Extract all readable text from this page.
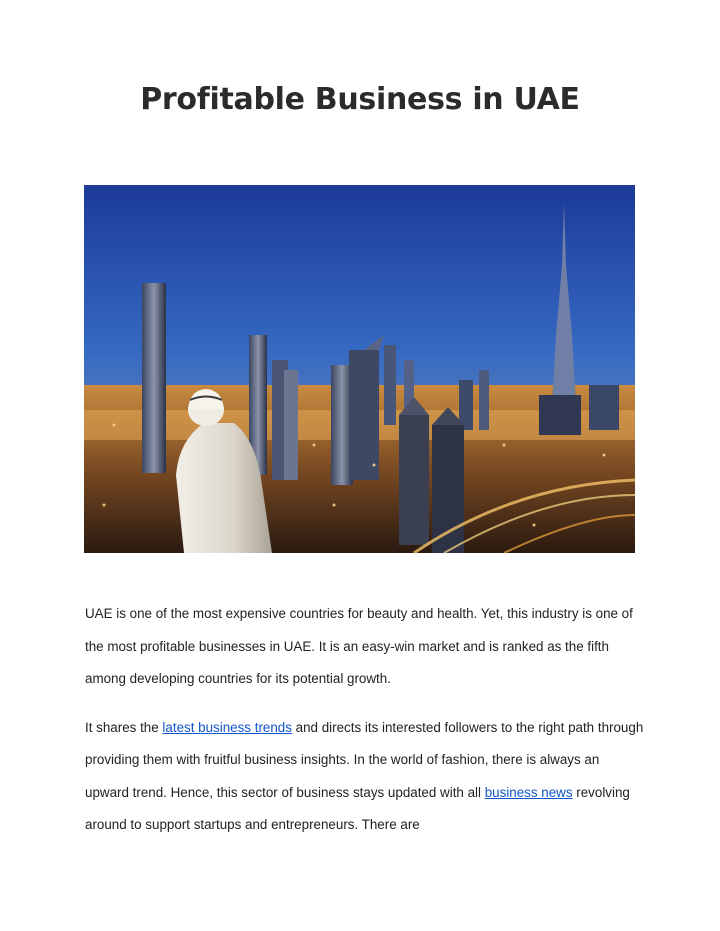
Profitable Business in UAE

UAE is one of the most expensive countries for beauty and health. Yet, this industry is one of the most profitable businesses in UAE. It is an easy-win market and is ranked as the fifth among developing countries for its potential growth.

It shares the latest business trends and directs its interested followers to the right path through providing them with fruitful business insights. In the world of fashion, there is always an upward trend. Hence, this sector of business stays updated with all business news revolving around to support startups and entrepreneurs. There are
